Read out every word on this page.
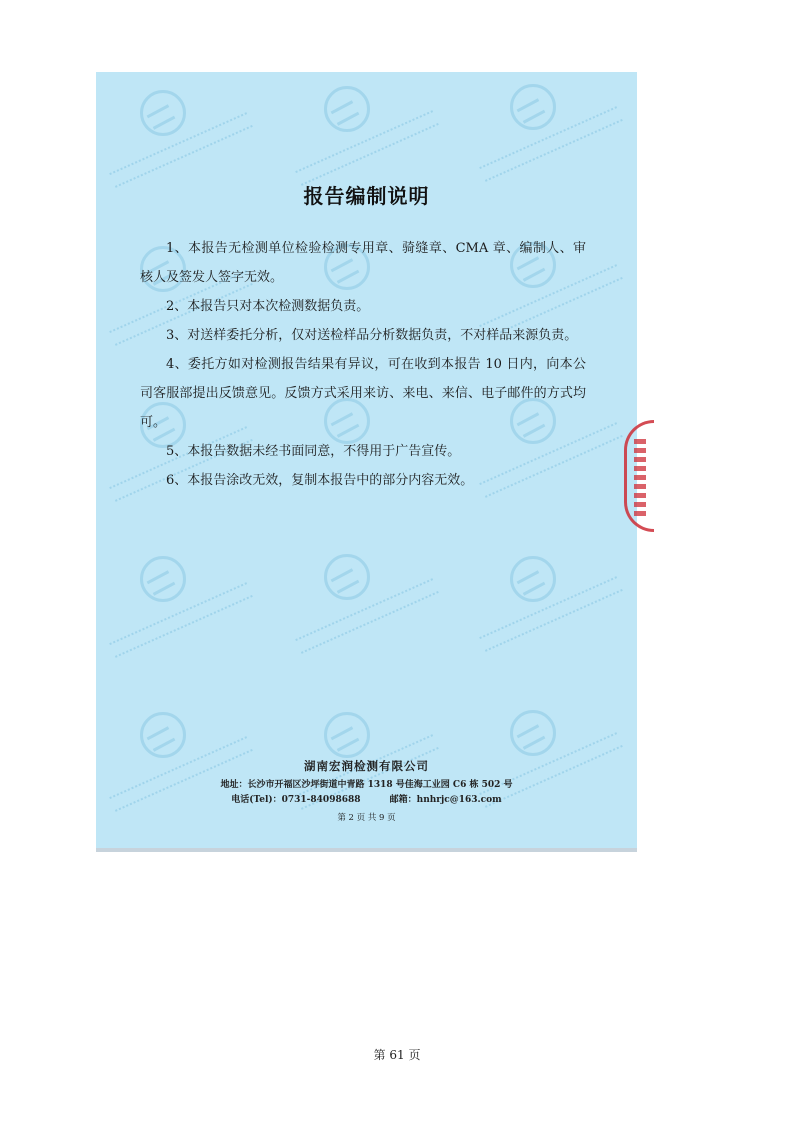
报告编制说明

1、本报告无检测单位检验检测专用章、骑缝章、CMA 章、编制人、审核人及签发人签字无效。

2、本报告只对本次检测数据负责。

3、对送样委托分析，仅对送检样品分析数据负责，不对样品来源负责。

4、委托方如对检测报告结果有异议，可在收到本报告 10 日内，向本公司客服部提出反馈意见。反馈方式采用来访、来电、来信、电子邮件的方式均可。

5、本报告数据未经书面同意，不得用于广告宣传。

6、本报告涂改无效，复制本报告中的部分内容无效。

湖南宏润检测有限公司
地址：长沙市开福区沙坪街道中青路 1318 号佳海工业园 C6 栋 502 号
电话(Tel)：0731-84098688	邮箱：hnhrjc@163.com
第 2 页 共 9 页
第 61 页
